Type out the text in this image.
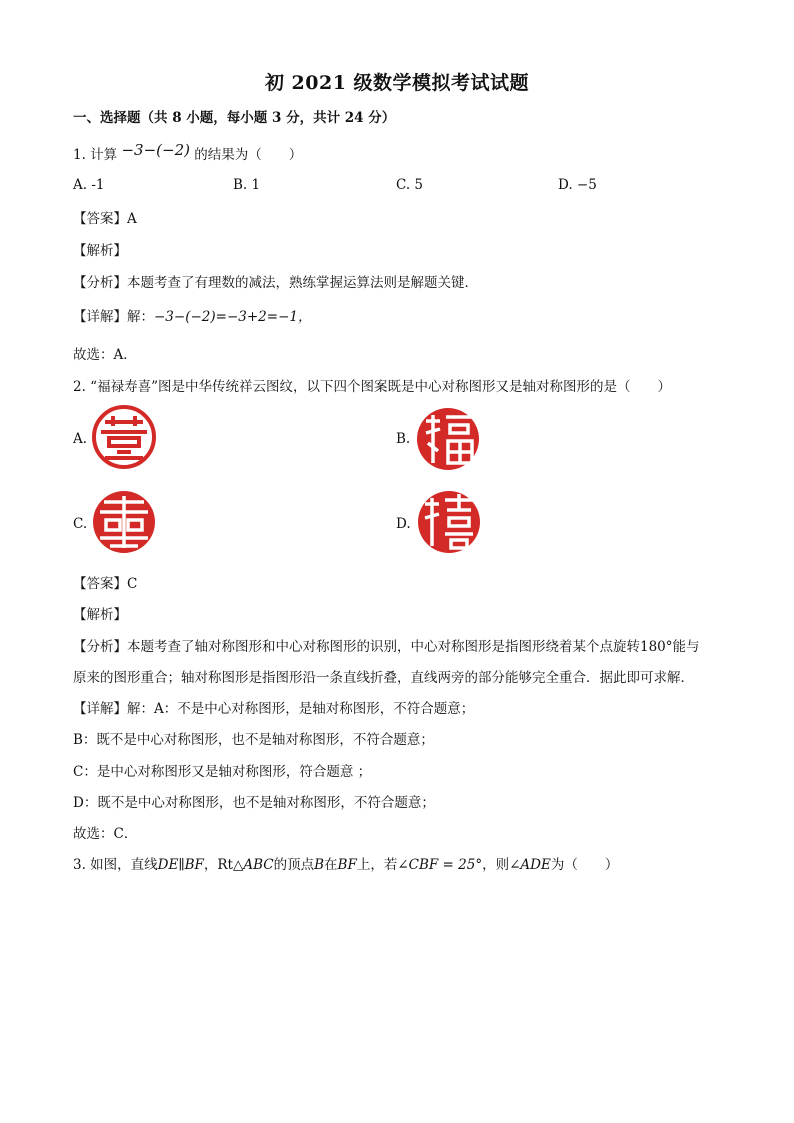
初 2021 级数学模拟考试试题
一、选择题（共 8 小题，每小题 3 分，共计 24 分）
1. 计算 −3−(−2) 的结果为（　　）
A. -1	B. 1	C. 5	D. −5
【答案】A
【解析】
【分析】本题考查了有理数的减法，熟练掌握运算法则是解题关键．
【详解】解：−3−(−2)=−3+2=−1，
故选：A．
2. “福禄寿喜”图是中华传统祥云图纹，以下四个图案既是中心对称图形又是轴对称图形的是（　　）
A.	B.
C.	D.
【答案】C
【解析】
【分析】本题考查了轴对称图形和中心对称图形的识别，中心对称图形是指图形绕着某个点旋转180°能与
原来的图形重合；轴对称图形是指图形沿一条直线折叠，直线两旁的部分能够完全重合．据此即可求解．
【详解】解：A：不是中心对称图形，是轴对称图形，不符合题意；
B：既不是中心对称图形，也不是轴对称图形，不符合题意；
C：是中心对称图形又是轴对称图形，符合题意 ；
D：既不是中心对称图形，也不是轴对称图形，不符合题意；
故选：C．
3. 如图，直线DE∥BF，Rt△ABC的顶点B在BF上，若∠CBF = 25°，则∠ADE为（　　）
